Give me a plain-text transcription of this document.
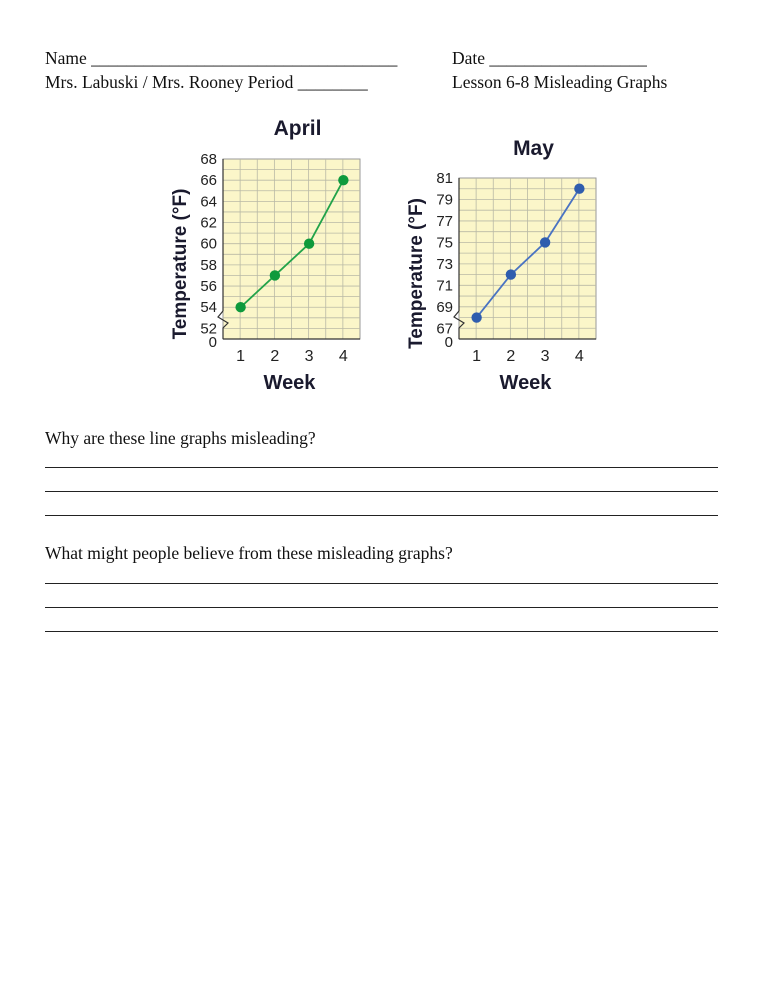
Name ___________________________________	Date __________________
Mrs. Labuski / Mrs. Rooney Period ________	Lesson 6-8 Misleading Graphs
April
0
52
54
56
58
60
62
64
66
68
1 2 3 4
Week
Temperature (°F)
May
0
67
69
71
73
75
77
79
81
1 2 3 4
Week
Temperature (°F)
Why are these line graphs misleading?
What might people believe from these misleading graphs?
